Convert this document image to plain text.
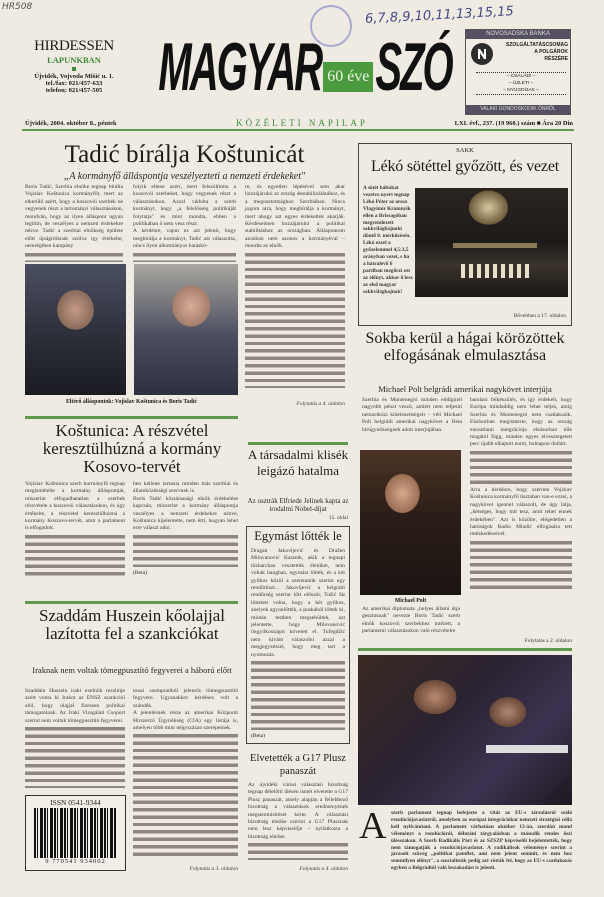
HR508	6,7,8,9,10,11,13,15,15
HIRDESSEN
LAPUNKBAN
Újvidék, Vojvoda Mišić u. 1.
tel./fax: 021/457-633
telefon: 021/457-505	MAGYAR 60 éve SZÓ	NOVOSADSKA BANKA
SZOLGÁLTATÁSCSOMAG
A POLGÁROK
RÉSZÉRE
– CSALÁDI –
– ÜZLETI –
– NYUGDÍJAS –
VALAKI GONDOSKODIK ÖNRŐL
Újvidék, 2004. október 8., péntek	KÖZÉLETI NAPILAP	LXI. évf., 237. (19 960.) szám ■ Ára 20 Din
Tadić bírálja Koštunicát
„A kormányfő álláspontja veszélyezteti a nemzeti érdekeket"
Boris Tadić, Szerbia elnöke tegnap bírálta Vojislav Koštunica kormányfőt, mert az elkerülő azért, hogy a koszovói szerbek ne vegyenek részt a tartományi választásokon, mondván, hogy az ilyen álláspont ugyan legitim, de veszélyes a nemzeti érdekekre nézve. Tadić a szerbiai elnökség épülete előtt újságíróknak szólva így értékelte, nemrégiben kampány
folyik ellene azért, mert felszólította a koszovói szerbeket, hogy vegyenek részt a választásokon. Azzal vádolta a szerb kormányt, hogy „a felelősség politikáját folytatja" és mint mondta, ebben a politikában ő nem vesz részt.
A kérdésre, vajon ez azt jelenti, hogy megbírálja a kormányt, Tadić azt válaszolta, nincs ilyen alkotmányos hatáskö-
re, és egyetlen lépésével sem akar hozzájárulni az ország destabilizálásához, és a megosztottsághoz Szerbiában. Nincs jogom arra, hogy megbírálja a kormányt, mert ahogy azt egyes érdekeltek akarják. Kérdéseimen hozzájárulni a politikai stabilitáshoz az országban. Álláspontom azonban nem azonos a kormányéval – mondta az elnök.
Folytatás a 4. oldalon
Eltérő álláspontok: Vojislav Koštunica és Boris Tadić
Koštunica: A részvétel keresztülhúzná a kormány Kosovo-tervét
Vojislav Koštunica szerb kormányfő tegnap megismételte a kormány álláspontját, miszerint elfogadhatatlan a szerbek részvétele a koszovói választásokon, és úgy értékelte, a részvétel keresztülhúzná a kormány Koszovo-tervét, amit a parlament is elfogadott.
ben kellene tartania minden más szerbiai és államközösségi szervnek is.
Boris Tadić köztársasági elnök érdekelése kapcsán, miszerint a kormány álláspontja veszélyes a nemzeti érdekekre nézve, Koštunica kijelentette, nem érti, hogyan lehet erre választ adni.
(Beta)
Szaddám Huszein kőolajjal lazította fel a szankciókat
Iraknak nem voltak tömegpusztító fegyverei a háború előtt
Szaddám Huszein iraki exelnök rezsimje azért vonta ki Irakot az ENSZ szankciói alól, hogy olajjal fizessen politikai támogatóinak. Az Iraki Vizsgálati Csoport szerint nem voltak tömegpusztító fegyverei.
tonai szempontból jelentős tömegpusztító fegyvere. Ugyanakkor kérdéses volt a szándék.
A jelentésnek része az amerikai Központi Hírszerző Ügynökség (CIA) egy listája is, amelyen több mint négyszázan szerepelnek.
Folytatás a 3. oldalon
ISSN 0541-9344
9 770541 934002
A társadalmi klisék leigázó hatalma
Az osztrák Elfriede Jelinek kapta az irodalmi Nobel-díjat
15. oldal
Egymást lőtték le
Dragan Jakovljević és Dražen Milovanović Kaszeik, akik a tegnapi tűzharcban vesztették életüket, nem voltak hangban, egymást lőtték, és a két gyilkos közül a szemtanúk szerint egy rendőrtiszt... Jakovljević a belgrádi rendőrség szerint lőtt először, Tošić fát lőttetett volna, hogy a két gyilkos, anelyek agyonlőtték, a puskából lőttek ki, miután testben megsebültek, azt jelentette, hogy Milovanović öngyilkosságot követett el. Tufegdžić nem kívánt válaszolni azzal a megjegyzéssel, hogy meg tart a nyomozás.
(Beta)
Elvetették a G17 Plusz panaszát
Az újvidéki városi választási bizottság tegnap délelőtti ülésén ismét elvetette a G17 Plusz panaszát, amely alapján a fellebbező bizottság a választások eredményének megsemmisítését kérte. A választási bizottság elnöke szerint a G17 Plusznak nem lesz képviselője – nyilatkozta a bizottság elnöke.
Folytatás a 4. oldalon
SAKK
Lékó sötéttel győzött, és vezet
A sötét bábukat vezetve nyert tegnap Lékó Péter az orosz Vlagyimir Kramnyik ellen a Brissagóban megrendezett sakkvilágbajnoki döntő 8. mérkőzésén. Lékó ezzel a győzelemmel 4,5:3,5 arányban vezet, s ha a hátralevő 6 partiban megőrzi ezt az előnyt, akkor ő lesz az első magyar sakkvilágbajnok!
Bővebben a 17. oldalon
Sokba kerül a hágai körözöttek elfogásának elmulasztása
Michael Polt belgrádi amerikai nagykövet interjúja
Szerbia és Montenegró minden eddiginél nagyobb pénzt veszít, amiért nem teljesíti nemzetközi kötelezettségeit – véli Michael Polt belgrádi amerikai nagykövet a Beta hírügynökségnek adott interjújában.
bandani felkészülés, és így érdekelt, hogy Európa mindaddig nem lehet teljes, amíg Szerbia és Montenegró nem csatlakozik. Elsősorban megismerte, hogy az ország euroatlanti integrációja elsősorban tőle magától függ, minden egyes elvesztegetett perc újabb elhajtott eurót, holnapon dollárt.
Arra a kérdésre, hogy szerinte Vojislav Koštunica kormányfő tisztában van-e ezzel, a nagykövet igennel válaszolt, de úgy látja, „kétséges, hogy mit tesz, amit tehet ennek érdekében". Azt is közölte, elégedetlen a hatóságok Radio Mladić elfogására tett intézkedéseivel.
Folytatás a 2. oldalon
Michael Polt
Az amerikai diplomata „helyes állami útja gesztusnak" nevezte Boris Tadić szerb elnök koszovói szerbekhez intézett, a parlamenti választásokon való részvételre
A szerb parlament tegnap befejezte a vitát az EU-s társulásról szóló rezolúciójavaslatról, amelyben az európai integrációkat nemzeti stratégiai céllá kell nyilvánítani. A parlament várhatóan október 13-án, szerdán mond véleményt a rezolúcióról, délutáni tárgyalásban a második rendes őszi ülésszakon. A Szerb Radikális Párt és az SZSZP képviselői bejelentették, hogy nem támogatják a rezolúciójavaslatot. A radikálisok véleménye szerint a javasolt szöveg „politikai pamflet, ami nem jelent semmit, és nem hoz semmilyen előnyt", a szocialisták pedig azt rótták fel, hogy az EU-s csatlakozás egyben a Belgrádtól való leszakadást is jelenti.
